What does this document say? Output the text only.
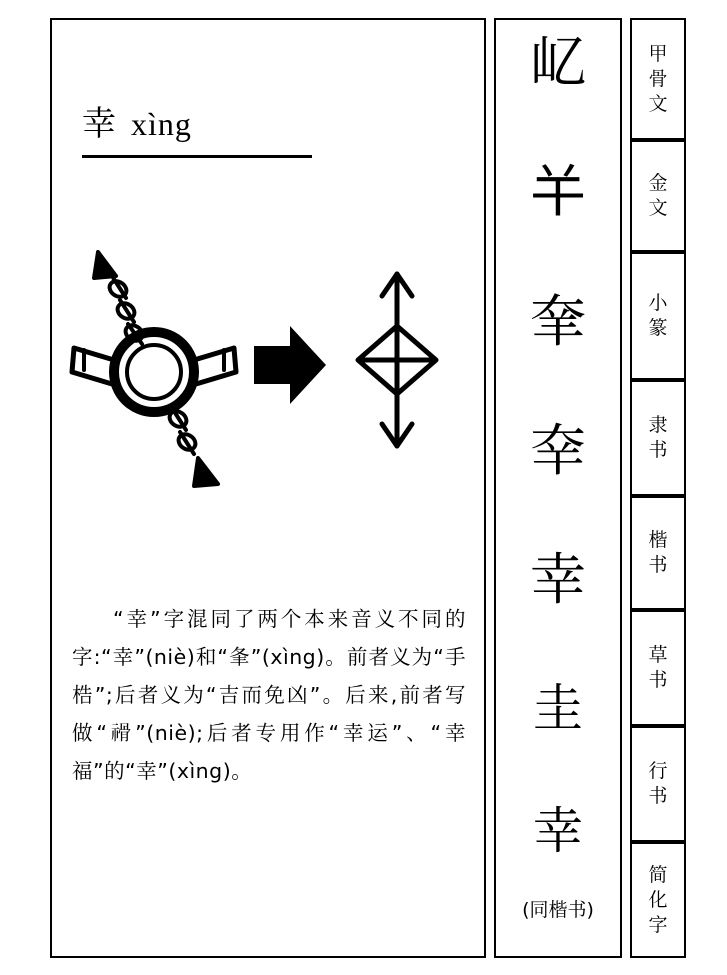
幸 xìng

“幸”字混同了两个本来音义不同的字:“幸”(niè)和“夆”(xìng)。前者义为“手梏”;后者义为“吉而免凶”。后来,前者写做“𥛔”(niè);后者专用作“幸运”、“幸福”的“幸”(xìng)。

𡴭
𢆉
羍
㚔
幸
圭
幸
(同楷书)
甲
骨
文
金
文
小
篆
隶
书
楷
书
草
书
行
书
简
化
字
